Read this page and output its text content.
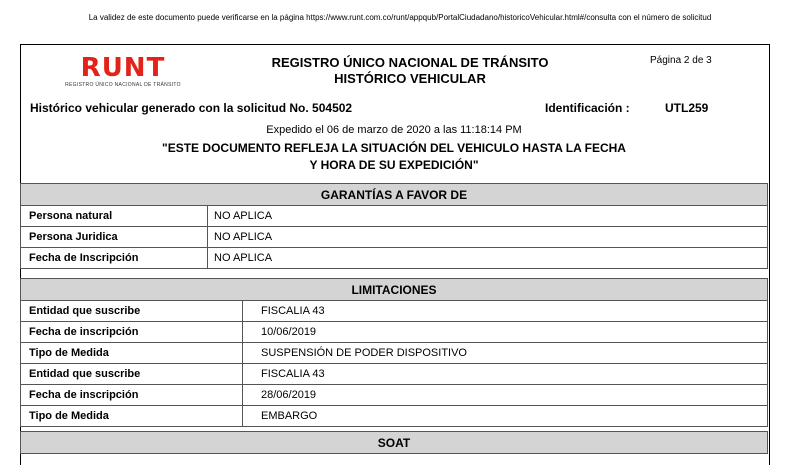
La validez de este documento puede verificarse en la página https://www.runt.com.co/runt/appqub/PortalCiudadano/historicoVehicular.html#/consulta con el número de solicitud
RUNT
REGISTRO ÚNICO NACIONAL DE TRÁNSITO
REGISTRO ÚNICO NACIONAL DE TRÁNSITO
HISTÓRICO VEHICULAR
Página 2 de 3
Histórico vehicular generado con la solicitud No. 504502	Identificación :	UTL259
Expedido el 06 de marzo de 2020 a las 11:18:14 PM
"ESTE DOCUMENTO REFLEJA LA SITUACIÓN DEL VEHICULO HASTA LA FECHA
Y HORA DE SU EXPEDICIÓN"
GARANTÍAS A FAVOR DE	
Persona natural	NO APLICA
Persona Juridica	NO APLICA
Fecha de Inscripción	NO APLICA
LIMITACIONES	
Entidad que suscribe	FISCALIA 43
Fecha de inscripción	10/06/2019
Tipo de Medida	SUSPENSIÓN DE PODER DISPOSITIVO
Entidad que suscribe	FISCALIA 43
Fecha de inscripción	28/06/2019
Tipo de Medida	EMBARGO
SOAT
